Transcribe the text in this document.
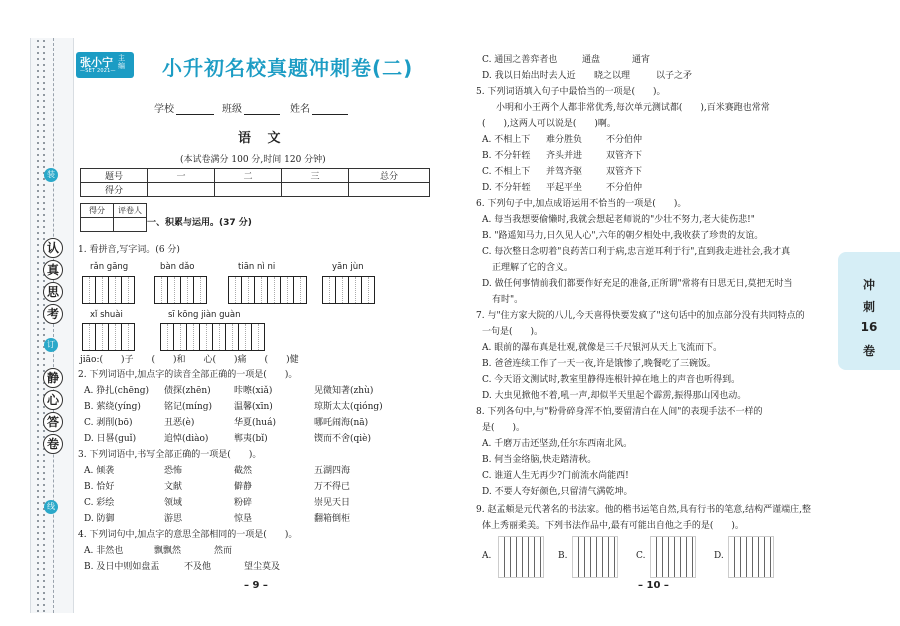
装
认
真
思
考
订
静
心
答
卷
线
张小宁 主编
—SET 2021— 小升初名校真题冲刺卷(二)
学校	班级	姓名
语 文
(本试卷满分 100 分,时间 120 分钟)
题号	一	二	三	总分
得分				
得分	评卷人

一、积累与运用。(37 分)
1. 看拼音,写字词。(6 分)
rǎn gāng	bàn dǎo	tiān nì ni	yān jùn
xǐ shuài	sī kōng jiàn guàn
jiāo:(　　)子　　(　　)和　　心(　　)痛　　(　　)健
2. 下列词语中,加点字的读音全部正确的一项是(　　)。
A. 狰扎(chēng) 债探(zhēn)	咔嚓(xiǎ)	见微知著(zhù)
B. 萦绕(yíng)	铭记(míng) 温馨(xīn)	琼斯太太(qióng)
C. 剥削(bō)	丑恶(è)	华夏(huá)	哪吒闹海(nā)
D. 日晷(guǐ)	追悼(diào)	郸夷(bǐ)	锲而不舍(qiè)
3. 下列词语中,书写全部正确的一项是(　　)。
A. 倾袭	恐怖	截然	五湖四海
B. 恰好	文献	僻静	万不得已
C. 彩绘	领域	粉碎	崇见天日
D. 防御	游思	惊垦	翻箱倒柜
4. 下列词句中,加点字的意思全部相同的一项是(　　)。
A. 非然也	飘飘然	然而
B. 及日中则如盘盂	不及他	望尘莫及
– 9 –
C. 通国之善弈者也	通盘	通宵
D. 我以日始出时去人近 晓之以理	以子之矛
5. 下列词语填入句子中最恰当的一项是(　　)。
小明和小王两个人都非常优秀,每次单元测试都(　　),百米赛跑也常常
(　　),这两人可以说是(　　)啊。
A. 不相上下 难分胜负	不分伯仲
B. 不分轩轾 齐头并进	双管齐下
C. 不相上下 并驾齐驱	双管齐下
D. 不分轩轾 平起平坐	不分伯仲
6. 下列句子中,加点成语运用不恰当的一项是(　　)。
A. 每当我想要偷懒时,我就会想起老师说的"少壮不努力,老大徒伤悲!"
B. "路遥知马力,日久见人心",六年的朝夕相处中,我收获了珍贵的友谊。
C. 每次整日念叨着"良药苦口利于病,忠言逆耳利于行",直到我走进社会,我才真
正理解了它的含义。
D. 做任何事情前我们都要作好充足的准备,正所谓"常将有日思无日,莫把无时当
有时"。
7. 与"住方家大院的八儿,今天喜得快要发疯了"这句话中的加点部分没有共同特点的
一句是(　　)。
A. 眼前的瀑布真是壮观,就像是三千尺银河从天上飞流而下。
B. 爸爸连续工作了一天一夜,许是饿惨了,晚餐吃了三碗饭。
C. 今天语文测试时,教室里静得连根针掉在地上的声音也听得到。
D. 大虫见掀他不着,吼一声,却似半天里起个霹雳,振得那山冈也动。
8. 下列各句中,与"粉骨碎身浑不怕,要留清白在人间"的表现手法不一样的
是(　　)。
A. 千磨万击还坚劲,任尔东西南北风。
B. 何当金络脑,快走踏清秋。
C. 谁道人生无再少?门前流水尚能西!
D. 不要人夸好颜色,只留清气满乾坤。
9. 赵孟頫是元代著名的书法家。他的楷书运笔自然,具有行书的笔意,结构严谨端庄,整
体上秀丽柔美。下列书法作品中,最有可能出自他之手的是(　　)。
A.	B.	C.	D.
– 10 –
冲
刺
16
卷
